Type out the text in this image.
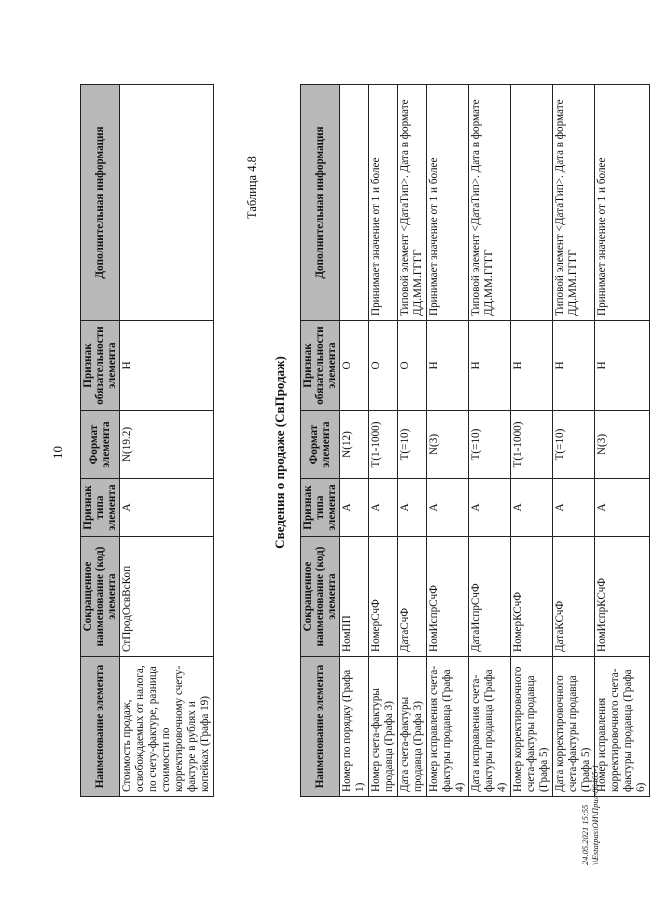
10
Наименование элемента	Сокращенное наименование (код) элемента	Признак типа элемента	Формат элемента	Признак обязательности элемента	Дополнительная информация
Стоимость продаж, освобождаемых от налога, по счету-фактуре, разница стоимости по корректировочному счету-фактуре в рублях и копейках (Графа 19)	СтПродОсвВсКоп	А	N(19.2)	Н	
Таблица 4.8
Сведения о продаже (СвПродаж)
Наименование элемента	Сокращенное наименование (код) элемента	Признак типа элемента	Формат элемента	Признак обязательности элемента	Дополнительная информация
Номер по порядку (Графа 1)	НомПП	А	N(12)	О	
Номер счета-фактуры продавца (Графа 3)	НомерСчФ	А	T(1-1000)	О	Принимает значение от 1 и более
Дата счета-фактуры продавца (Графа 3)	ДатаСчФ	А	T(=10)	О	Типовой элемент <ДатаТип>. Дата в формате ДД.ММ.ГГГГ
Номер исправления счета-фактуры продавца (Графа 4)	НомИспрСчФ	А	N(3)	Н	Принимает значение от 1 и более
Дата исправления счета-фактуры продавца (Графа 4)	ДатаИспрСчФ	А	T(=10)	Н	Типовой элемент <ДатаТип>. Дата в формате ДД.ММ.ГГГГ
Номер корректировочного счета-фактуры продавца (Графа 5)	НомерКСчФ	А	T(1-1000)	Н	
Дата корректировочного счета-фактуры продавца (Графа 5)	ДатаКСчФ	А	T(=10)	Н	Типовой элемент <ДатаТип>. Дата в формате ДД.ММ.ГГГГ
Номер исправления корректировочного счета-фактуры продавца (Графа 6)	НомИспрКСчФ	А	N(3)	Н	Принимает значение от 1 и более
24.05.2021 15:55 \\Estatpas\ОИ\Прил-86465-1
